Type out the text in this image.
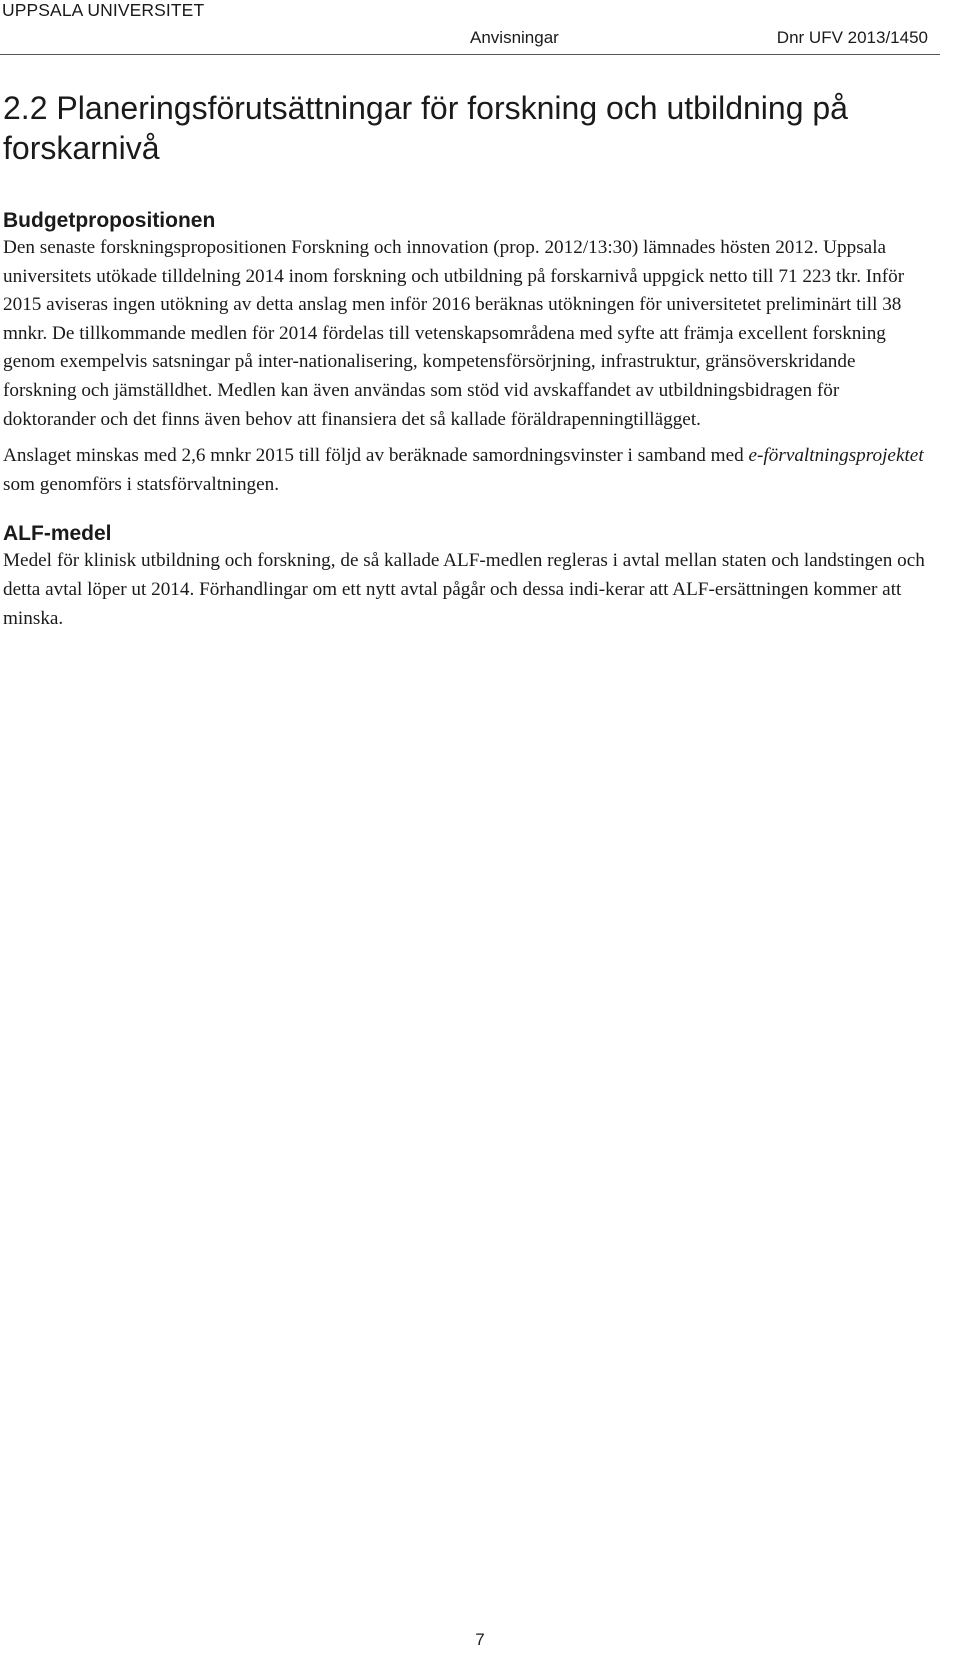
UPPSALA UNIVERSITET
Anvisningar	Dnr UFV 2013/1450
2.2 Planeringsförutsättningar för forskning och utbildning på forskarnivå
Budgetpropositionen

Den senaste forskningspropositionen Forskning och innovation (prop. 2012/13:30) lämnades hösten 2012. Uppsala universitets utökade tilldelning 2014 inom forskning och utbildning på forskarnivå uppgick netto till 71 223 tkr. Inför 2015 aviseras ingen utökning av detta anslag men inför 2016 beräknas utökningen för universitetet preliminärt till 38 mnkr. De tillkommande medlen för 2014 fördelas till vetenskapsområdena med syfte att främja excellent forskning genom exempelvis satsningar på inter-nationalisering, kompetensförsörjning, infrastruktur, gränsöverskridande forskning och jämställdhet. Medlen kan även användas som stöd vid avskaffandet av utbildningsbidragen för doktorander och det finns även behov att finansiera det så kallade föräldrapenningtillägget.

Anslaget minskas med 2,6 mnkr 2015 till följd av beräknade samordningsvinster i samband med e-förvaltningsprojektet som genomförs i statsförvaltningen.

ALF-medel

Medel för klinisk utbildning och forskning, de så kallade ALF-medlen regleras i avtal mellan staten och landstingen och detta avtal löper ut 2014. Förhandlingar om ett nytt avtal pågår och dessa indi-kerar att ALF-ersättningen kommer att minska.

7
